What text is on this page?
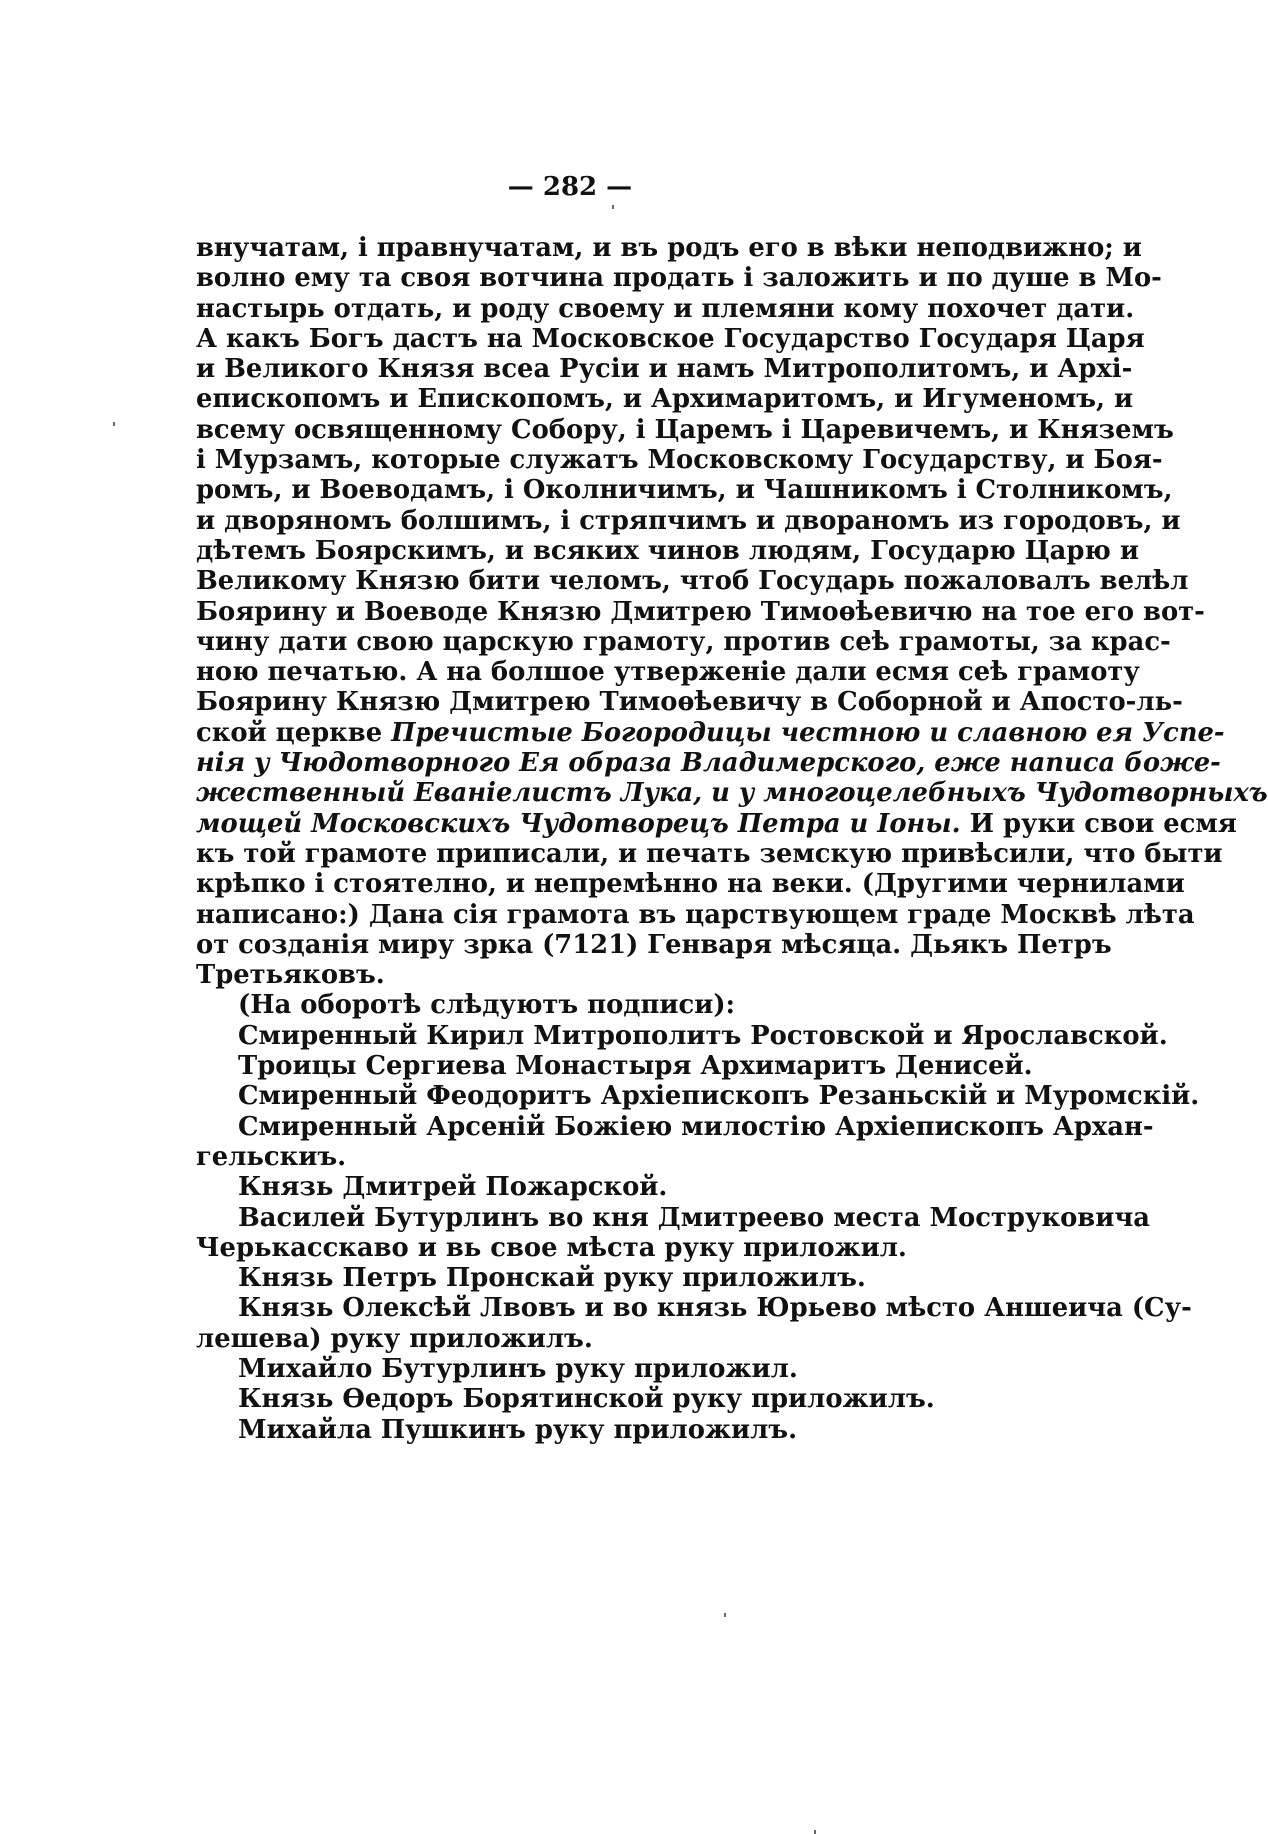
— 282 —
внучатам, і правнучатам, и въ родъ его в вѣки неподвижно; и
волно ему та своя вотчина продать і заложить и по душе в Мо-
настырь отдать, и роду своему и племяни кому похочет дати.
А какъ Богъ дастъ на Московское Государство Государя Царя
и Великого Князя всеа Русіи и намъ Митрополитомъ, и Архі-
епископомъ и Епископомъ, и Архимаритомъ, и Игуменомъ, и
всему освященному Собору, і Царемъ і Царевичемъ, и Княземъ
і Мурзамъ, которые служатъ Московскому Государству, и Боя-
ромъ, и Воеводамъ, і Околничимъ, и Чашникомъ і Столникомъ,
и дворяномъ болшимъ, і стряпчимъ и двораномъ из городовъ, и
дѣтемъ Боярскимъ, и всяких чинов людям, Государю Царю и
Великому Князю бити челомъ, чтоб Государь пожаловалъ велѣл
Боярину и Воеводе Князю Дмитрею Тимоѳѣевичю на тое его вот-
чину дати свою царскую грамоту, против сеѣ грамоты, за крас-
ною печатью. А на болшое утверженіе дали есмя сеѣ грамоту
Боярину Князю Дмитрею Тимоѳѣевичу в Соборной и Апосто-ль-
ской церкве Пречистые Богородицы честною и славною ея Успе-
нія у Чюдотворного Ея образа Владимерского, еже написа боже-
жественный Еванiелистъ Лука, и у многоцелебныхъ Чудотворныхъ
мощей Московскихъ Чудотворецъ Петра и Іоны. И руки свои есмя
къ той грамоте приписали, и печать земскую привѣсили, что быти
крѣпко і стоятелно, и непремѣнно на веки. (Другими чернилами
написано:) Дана сія грамота въ царствующем граде Москвѣ лѣта
от созданія миру зрка (7121) Генваря мѣсяца. Дьякъ Петръ
Третьяковъ.
(На оборотѣ слѣдуютъ подписи):
Смиренный Кирил Митрополитъ Ростовской и Ярославской.
Троицы Сергиева Монастыря Архимаритъ Денисей.
Смиренный Феодоритъ Архіепископъ Резаньскій и Муромскій.
Смиренный Арсеній Божіею милостію Архіепископъ Архан-
гельскиъ.
Князь Дмитрей Пожарской.
Василей Бутурлинъ во кня Дмитреево места Моструковича
Черькасскаво и вь свое мѣста руку приложил.
Князь Петръ Пронскай руку приложилъ.
Князь Олексѣй Лвовъ и во князь Юрьево мѣсто Аншеича (Су-
лешева) руку приложилъ.
Михайло Бутурлинъ руку приложил.
Князь Ѳедоръ Борятинской руку приложилъ.
Михайла Пушкинъ руку приложилъ.
